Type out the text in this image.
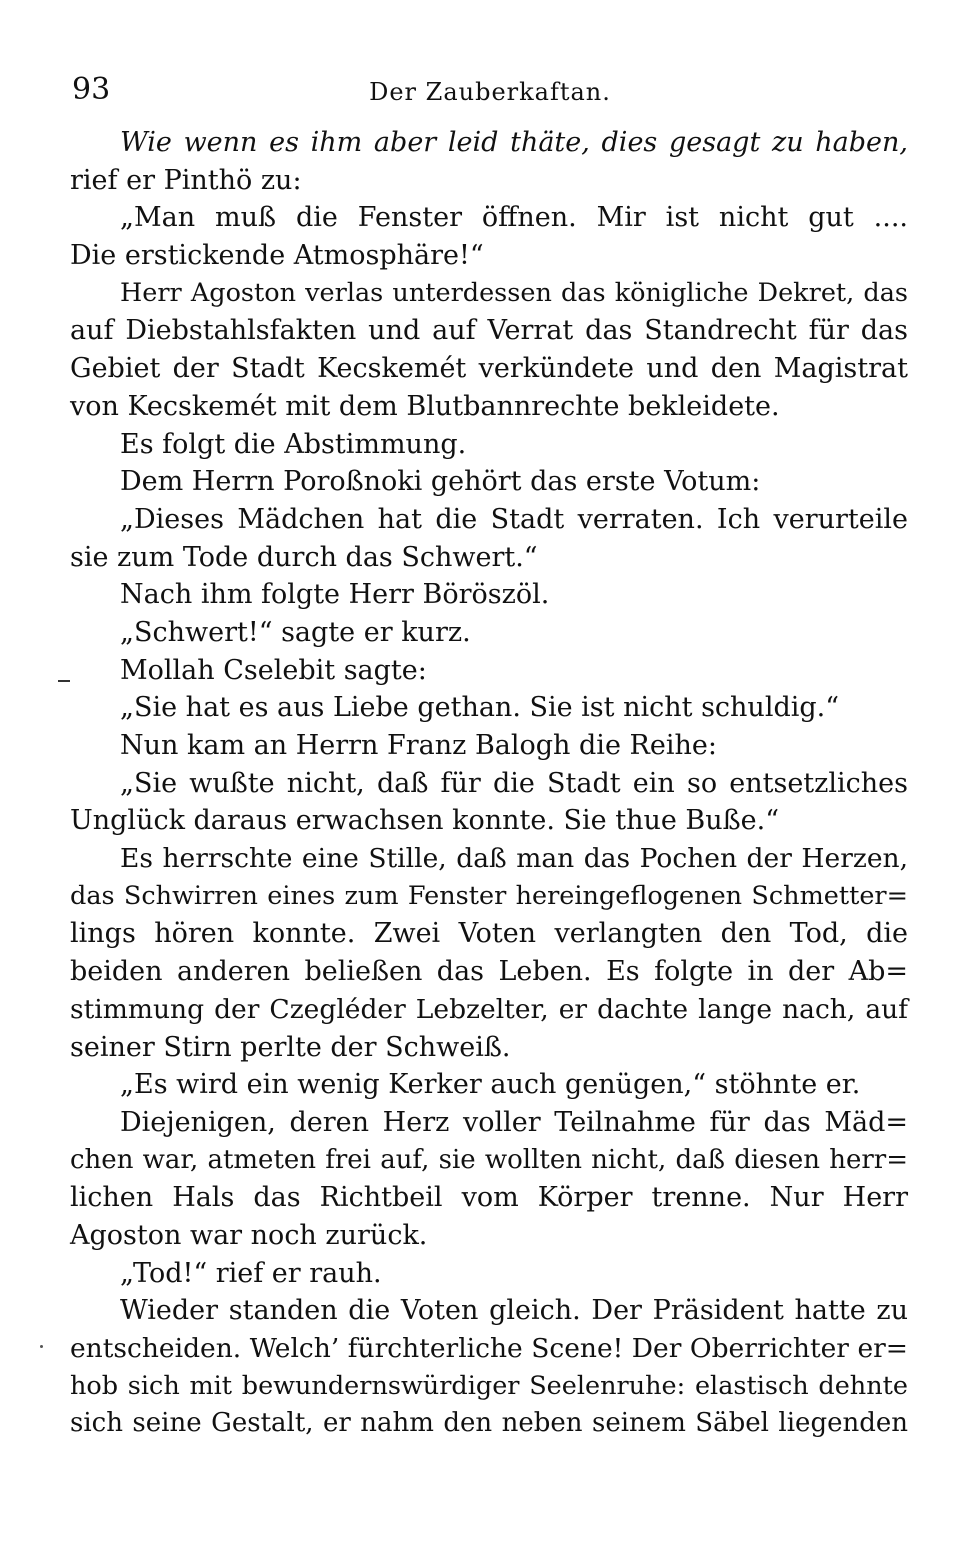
93	Der Zauberkaftan.
Wie wenn es ihm aber leid thäte, dies gesagt zu haben,
rief er Pinthö zu:
„Man muß die Fenster öffnen. Mir ist nicht gut ....
Die erstickende Atmosphäre!“
Herr Agoston verlas unterdessen das königliche Dekret, das
auf Diebstahlsfakten und auf Verrat das Standrecht für das
Gebiet der Stadt Kecskemét verkündete und den Magistrat
von Kecskemét mit dem Blutbannrechte bekleidete.
Es folgt die Abstimmung.
Dem Herrn Poroßnoki gehört das erste Votum:
„Dieses Mädchen hat die Stadt verraten. Ich verurteile
sie zum Tode durch das Schwert.“
Nach ihm folgte Herr Böröszöl.
„Schwert!“ sagte er kurz.
Mollah Cselebit sagte:
„Sie hat es aus Liebe gethan. Sie ist nicht schuldig.“
Nun kam an Herrn Franz Balogh die Reihe:
„Sie wußte nicht, daß für die Stadt ein so entsetzliches
Unglück daraus erwachsen konnte. Sie thue Buße.“
Es herrschte eine Stille, daß man das Pochen der Herzen,
das Schwirren eines zum Fenster hereingeflogenen Schmetter=
lings hören konnte. Zwei Voten verlangten den Tod, die
beiden anderen beließen das Leben. Es folgte in der Ab=
stimmung der Czegléder Lebzelter, er dachte lange nach, auf
seiner Stirn perlte der Schweiß.
„Es wird ein wenig Kerker auch genügen,“ stöhnte er.
Diejenigen, deren Herz voller Teilnahme für das Mäd=
chen war, atmeten frei auf, sie wollten nicht, daß diesen herr=
lichen Hals das Richtbeil vom Körper trenne. Nur Herr
Agoston war noch zurück.
„Tod!“ rief er rauh.
Wieder standen die Voten gleich. Der Präsident hatte zu
entscheiden. Welch’ fürchterliche Scene! Der Oberrichter er=
hob sich mit bewundernswürdiger Seelenruhe: elastisch dehnte
sich seine Gestalt, er nahm den neben seinem Säbel liegenden
